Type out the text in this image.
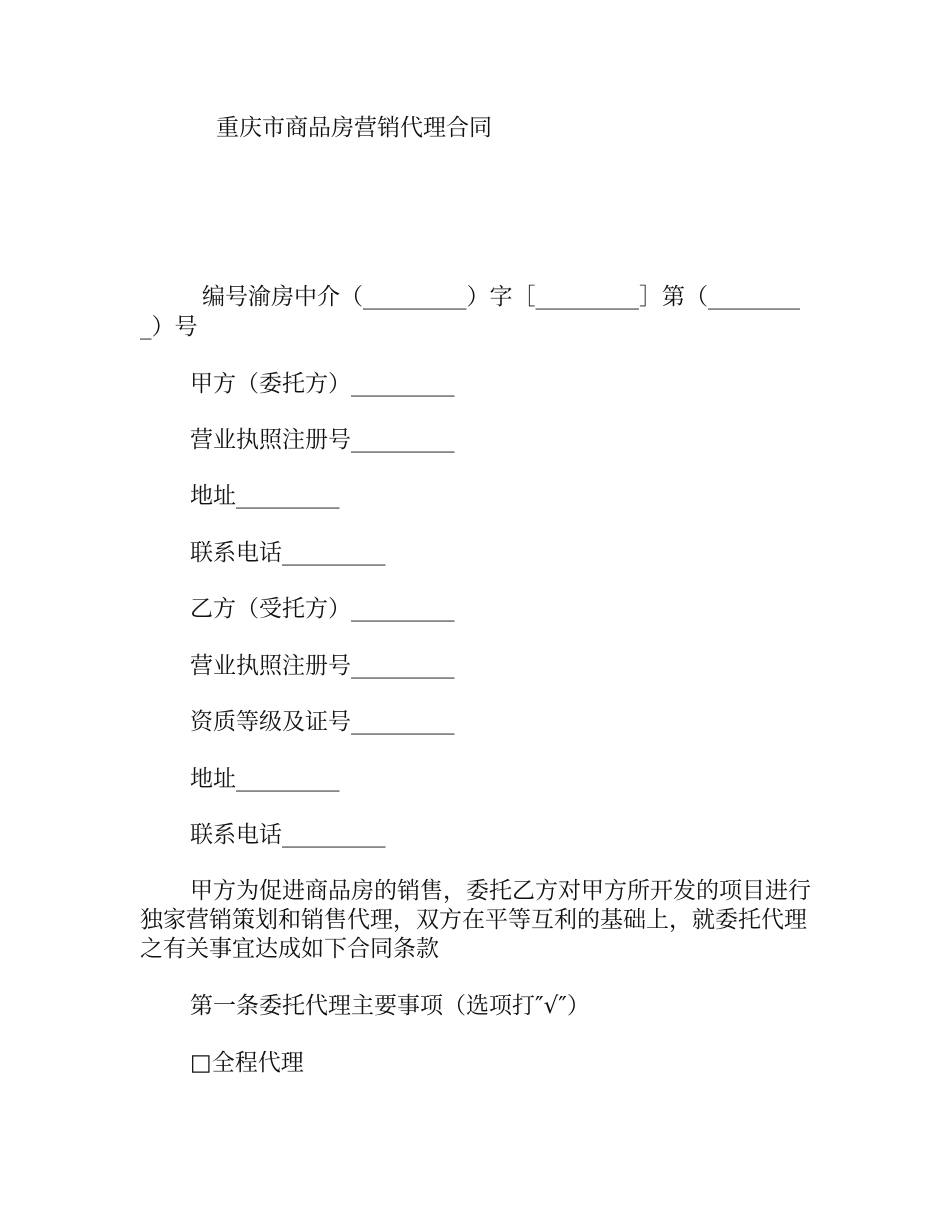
重庆市商品房营销代理合同
编号渝房中介（_________）字［_________］第（_________）号
甲方（委托方）_________
营业执照注册号_________
地址_________
联系电话_________
乙方（受托方）_________
营业执照注册号_________
资质等级及证号_________
地址_________
联系电话_________
甲方为促进商品房的销售，委托乙方对甲方所开发的项目进行独家营销策划和销售代理，双方在平等互利的基础上，就委托代理之有关事宜达成如下合同条款
第一条委托代理主要事项（选项打″√″）
□全程代理
